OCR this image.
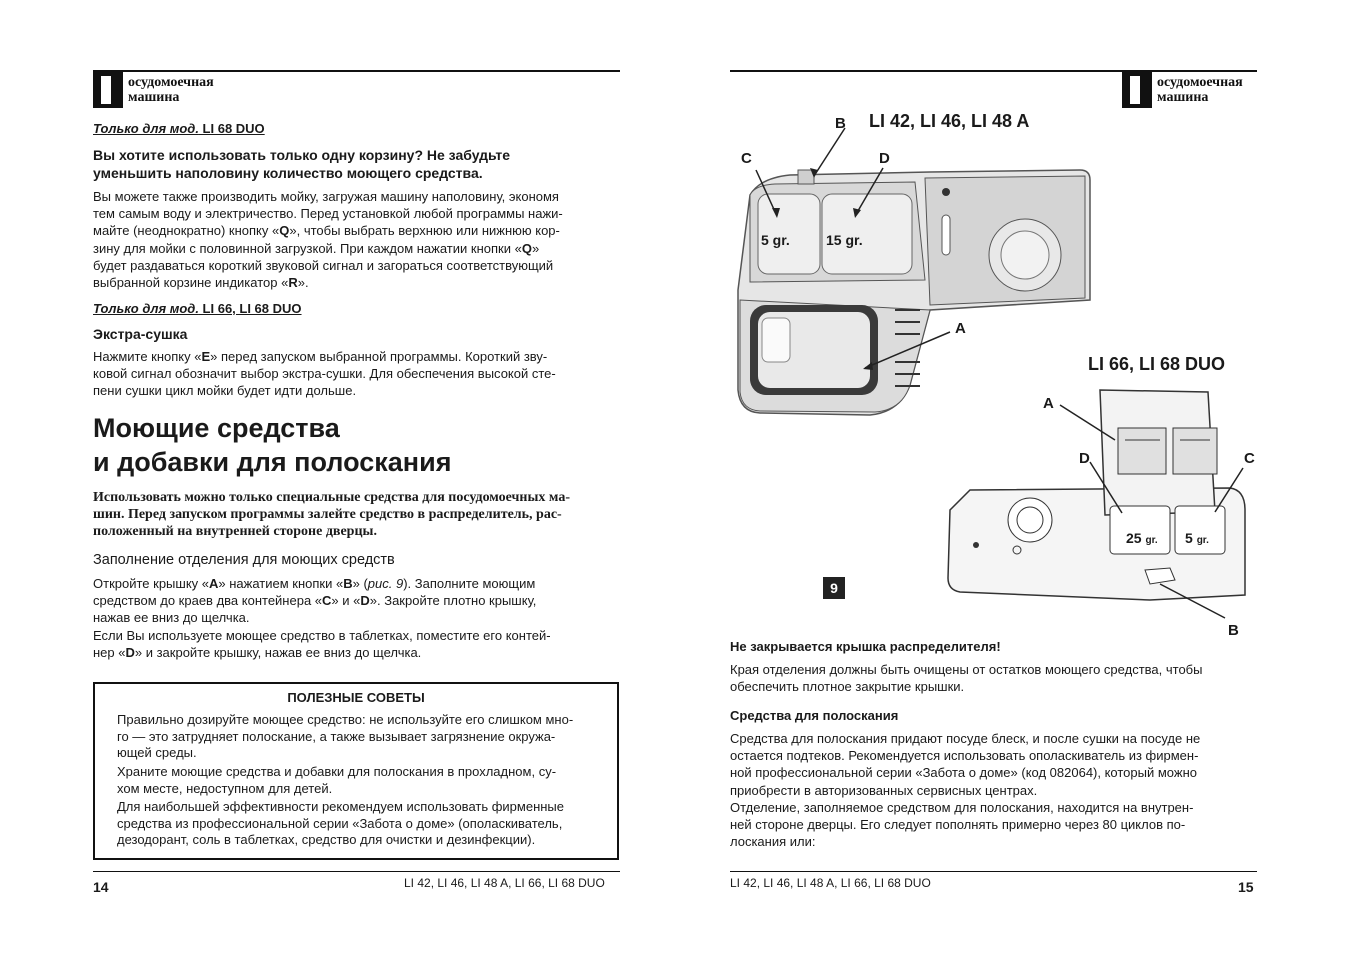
осудомоечная
машина
Только для мод. LI 68 DUO
Вы хотите использовать только одну корзину? Не забудьте
уменьшить наполовину количество моющего средства.
Вы можете также производить мойку, загружая машину наполовину, экономя
тем самым воду и электричество. Перед установкой любой программы нажи-
майте (неоднократно) кнопку «Q», чтобы выбрать верхнюю или нижнюю кор-
зину для мойки с половинной загрузкой. При каждом нажатии кнопки «Q»
будет раздаваться короткий звуковой сигнал и загораться соответствующий
выбранной корзине индикатор «R».
Только для мод. LI 66, LI 68 DUO
Экстра-сушка
Нажмите кнопку «E» перед запуском выбранной программы. Короткий зву-
ковой сигнал обозначит выбор экстра-сушки. Для обеспечения высокой сте-
пени сушки цикл мойки будет идти дольше.
Моющие средства
и добавки для полоскания
Использовать можно только специальные средства для посудомоечных ма-
шин. Перед запуском программы залейте средство в распределитель, рас-
положенный на внутренней стороне дверцы.
Заполнение отделения для моющих средств
Откройте крышку «A» нажатием кнопки «B» (рис. 9). Заполните моющим
средством до краев два контейнера «C» и «D». Закройте плотно крышку,
нажав ее вниз до щелчка.
Если Вы используете моющее средство в таблетках, поместите его контей-
нер «D» и закройте крышку, нажав ее вниз до щелчка.
ПОЛЕЗНЫЕ СОВЕТЫ
Правильно дозируйте моющее средство: не используйте его слишком мно-
го — это затрудняет полоскание, а также вызывает загрязнение окружа-
ющей среды.
Храните моющие средства и добавки для полоскания в прохладном, су-
хом месте, недоступном для детей.
Для наибольшей эффективности рекомендуем использовать фирменные
средства из профессиональной серии «Забота о доме» (ополаскиватель,
дезодорант, соль в таблетках, средство для очистки и дезинфекции).
14	LI 42, LI 46, LI 48 A, LI 66, LI 68 DUO
осудомоечная
машина
LI 42, LI 46, LI 48 A
LI 66, LI 68 DUO
B
C	D
A
5 gr.	15 gr.
A
D	C
B
25 gr. 5 gr.
9
Не закрывается крышка распределителя!
Края отделения должны быть очищены от остатков моющего средства, чтобы
обеспечить плотное закрытие крышки.
Средства для полоскания
Средства для полоскания придают посуде блеск, и после сушки на посуде не
остается подтеков. Рекомендуется использовать ополаскиватель из фирмен-
ной профессиональной серии «Забота о доме» (код 082064), который можно
приобрести в авторизованных сервисных центрах.
Отделение, заполняемое средством для полоскания, находится на внутрен-
ней стороне дверцы. Его следует пополнять примерно через 80 циклов по-
лоскания или:
LI 42, LI 46, LI 48 A, LI 66, LI 68 DUO	15
